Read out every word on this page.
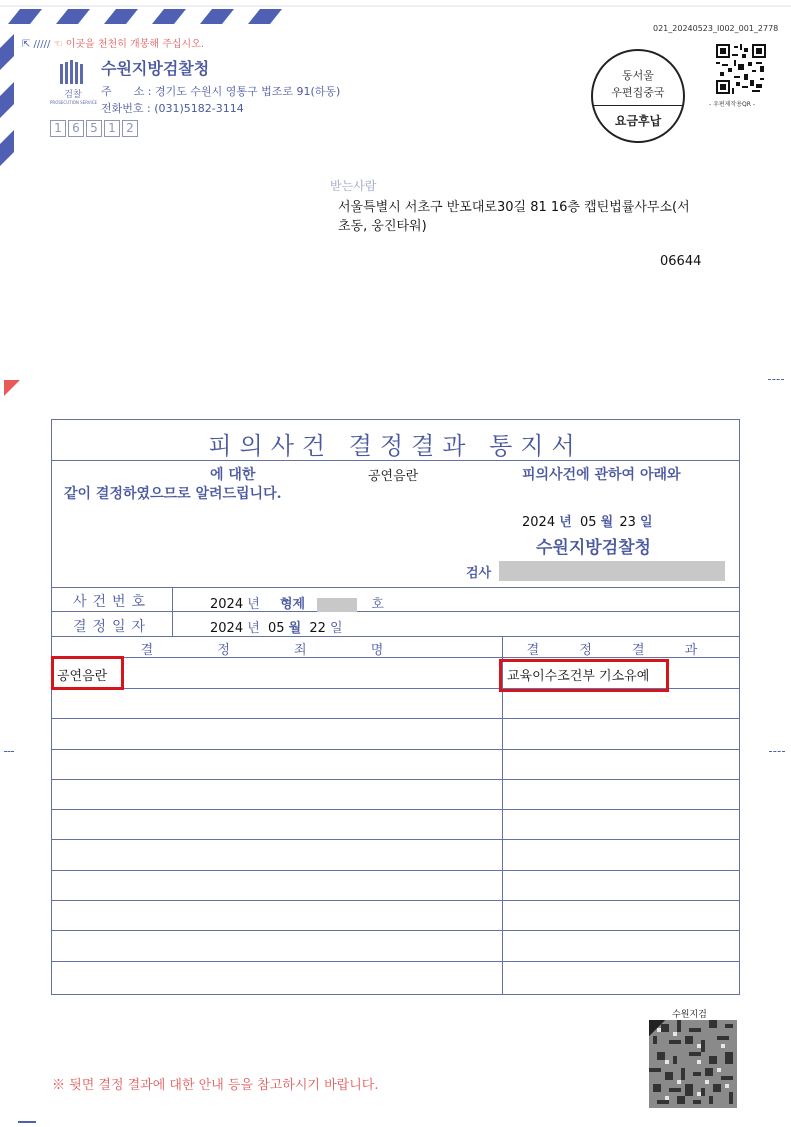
021_20240523_I002_001_2778
⇱ ///// ☜ 이곳을 천천히 개봉해 주십시오.
검찰
PROSECUTION SERVICE
수원지방검찰청
주　　소 : 경기도 수원시 영통구 법조로 91(하동)
전화번호 : (031)5182-3114
1 6 5 1 2
동서울
우편집중국
요금후납
- 우편제작용QR -
받는사람
서울특별시 서초구 반포대로30길 81 16층 캡틴법률사무소(서
초동, 웅진타워)
06644
피의사건 결정결과 통지서
에 대한	공연음란	피의사건에 관하여 아래와
같이 결정하였으므로 알려드립니다.
2024 년 05 월 23 일
수원지방검찰청
검사
사건번호	2024 년 형제	호
결정일자	2024 년 05 월 22 일
결 정 죄 명	결 정 결 과
공연음란	교육이수조건부 기소유예
※ 뒷면 결정 결과에 대한 안내 등을 참고하시기 바랍니다.
수원지검
